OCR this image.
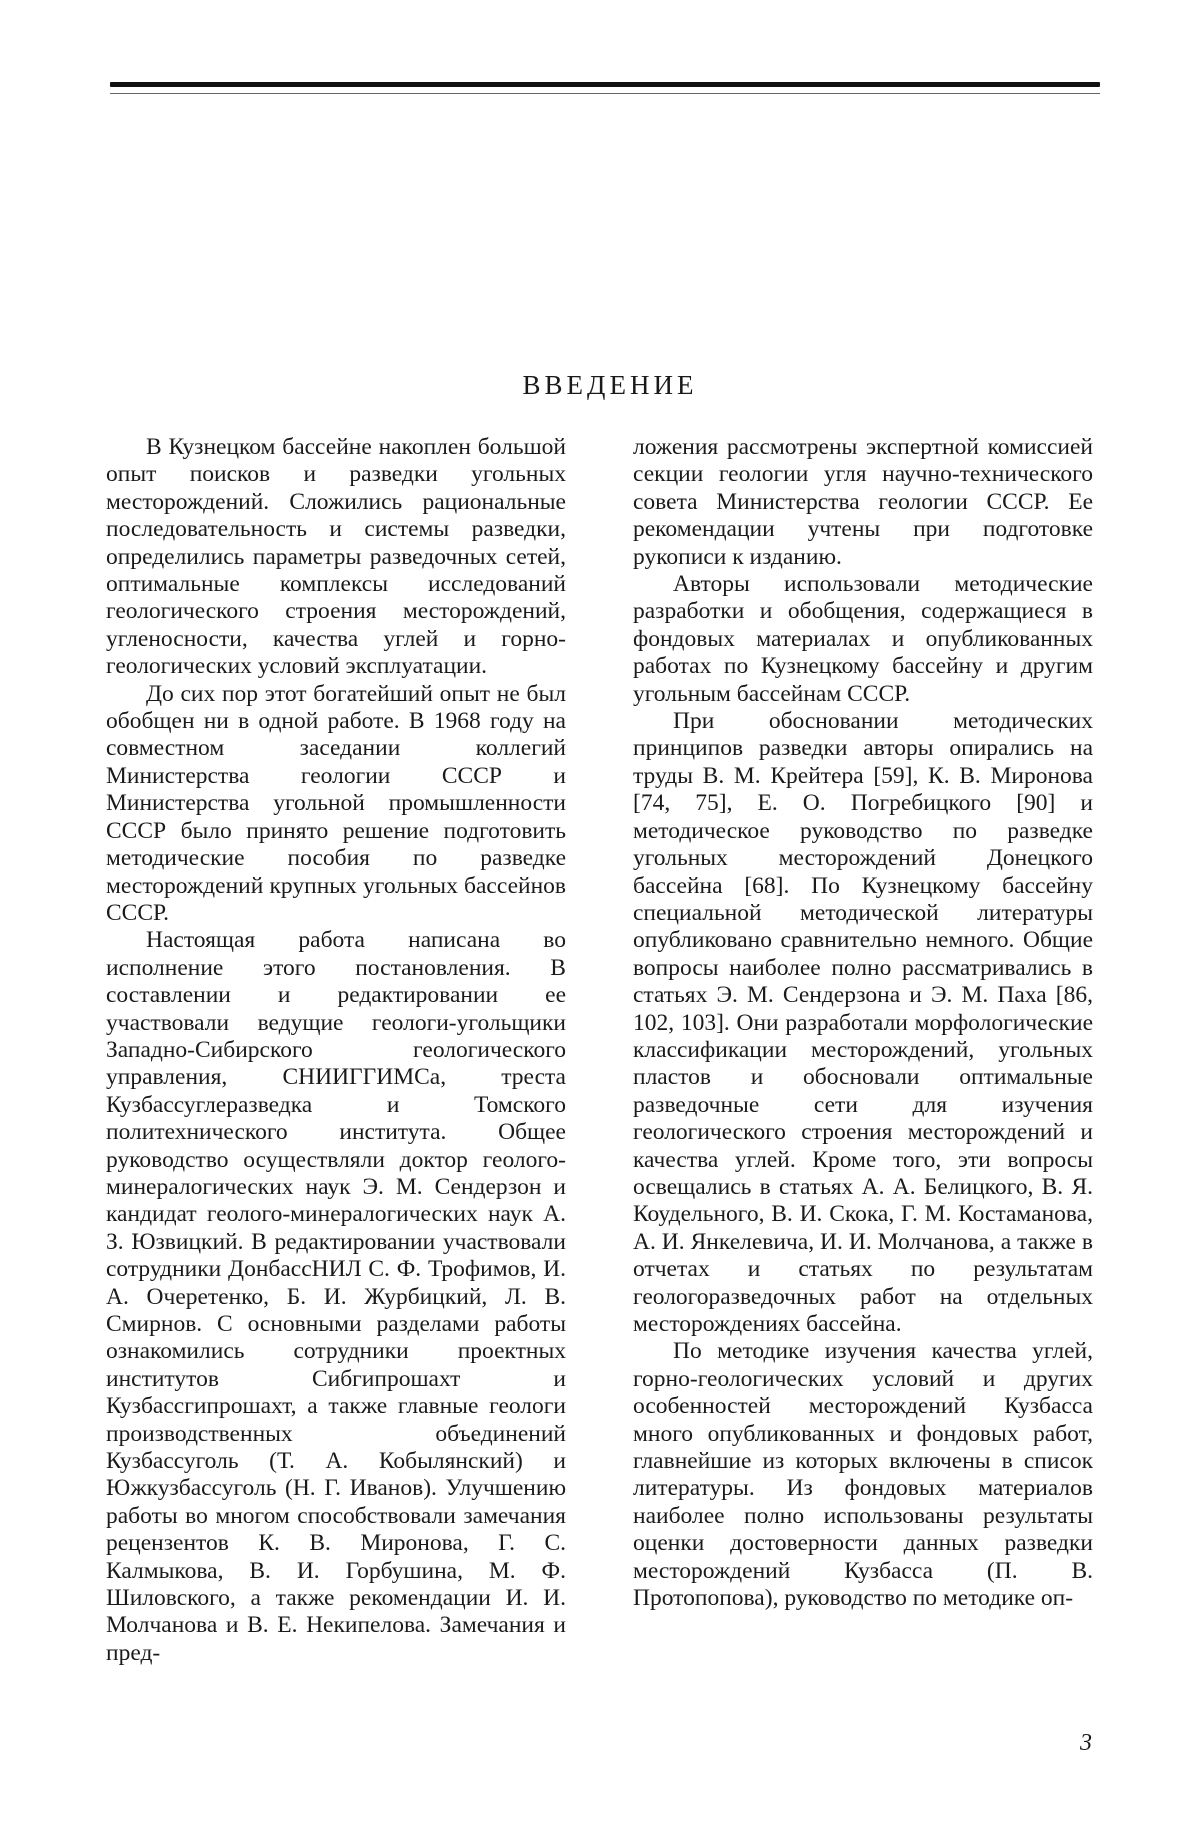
ВВЕДЕНИЕ

В Кузнецком бассейне накоплен большой опыт поисков и разведки угольных месторождений. Сложились рациональные последовательность и системы разведки, определились параметры разведочных сетей, оптимальные комплексы исследований геологического строения месторождений, угленосности, качества углей и горно-геологических условий эксплуатации.

До сих пор этот богатейший опыт не был обобщен ни в одной работе. В 1968 году на совместном заседании коллегий Министерства геологии СССР и Министерства угольной промышленности СССР было принято решение подготовить методические пособия по разведке месторождений крупных угольных бассейнов СССР.

Настоящая работа написана во исполнение этого постановления. В составлении и редактировании ее участвовали ведущие геологи-угольщики Западно-Сибирского геологического управления, СНИИГГИМСа, треста Кузбассуглеразведка и Томского политехнического института. Общее руководство осуществляли доктор геолого-минералогических наук Э. М. Сендерзон и кандидат геолого-минералогических наук А. З. Юзвицкий. В редактировании участвовали сотрудники ДонбассНИЛ С. Ф. Трофимов, И. А. Очеретенко, Б. И. Журбицкий, Л. В. Смирнов. С основными разделами работы ознакомились сотрудники проектных институтов Сибгипрошахт и Кузбассгипрошахт, а также главные геологи производственных объединений Кузбассуголь (Т. А. Кобылянский) и Южкузбассуголь (Н. Г. Иванов). Улучшению работы во многом способствовали замечания рецензентов К. В. Миронова, Г. С. Калмыкова, В. И. Горбушина, М. Ф. Шиловского, а также рекомендации И. И. Молчанова и В. Е. Некипелова. Замечания и пред-

ложения рассмотрены экспертной комиссией секции геологии угля научно-технического совета Министерства геологии СССР. Ее рекомендации учтены при подготовке рукописи к изданию.

Авторы использовали методические разработки и обобщения, содержащиеся в фондовых материалах и опубликованных работах по Кузнецкому бассейну и другим угольным бассейнам СССР.

При обосновании методических принципов разведки авторы опирались на труды В. М. Крейтера [59], К. В. Миронова [74, 75], Е. О. Погребицкого [90] и методическое руководство по разведке угольных месторождений Донецкого бассейна [68]. По Кузнецкому бассейну специальной методической литературы опубликовано сравнительно немного. Общие вопросы наиболее полно рассматривались в статьях Э. М. Сендерзона и Э. М. Паха [86, 102, 103]. Они разработали морфологические классификации месторождений, угольных пластов и обосновали оптимальные разведочные сети для изучения геологического строения месторождений и качества углей. Кроме того, эти вопросы освещались в статьях А. А. Белицкого, В. Я. Коудельного, В. И. Скока, Г. М. Костаманова, А. И. Янкелевича, И. И. Молчанова, а также в отчетах и статьях по результатам геологоразведочных работ на отдельных месторождениях бассейна.

По методике изучения качества углей, горно-геологических условий и других особенностей месторождений Кузбасса много опубликованных и фондовых работ, главнейшие из которых включены в список литературы. Из фондовых материалов наиболее полно использованы результаты оценки достоверности данных разведки месторождений Кузбасса (П. В. Протопопова), руководство по методике оп-

3
